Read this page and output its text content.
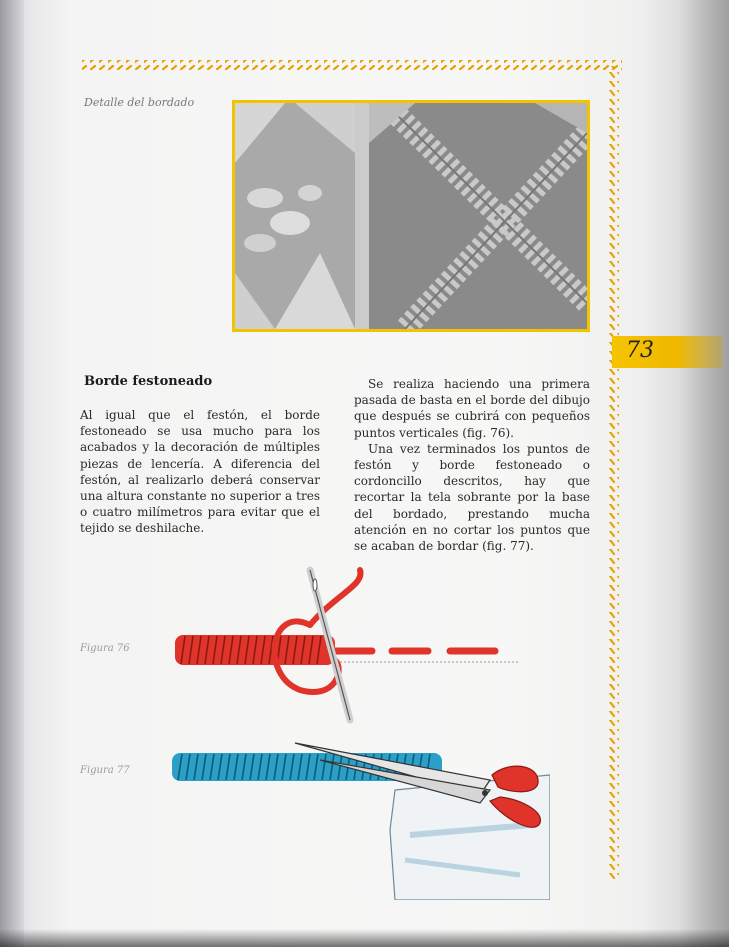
Detalle del bordado
73
Borde festoneado

Al igual que el festón, el borde festoneado se usa mucho para los acabados y la decoración de múltiples piezas de lencería. A diferencia del festón, al realizarlo deberá conservar una altura constante no superior a tres o cuatro milímetros para evitar que el tejido se deshilache.

Se realiza haciendo una primera pasada de basta en el borde del dibujo que después se cubrirá con pequeños puntos verticales (fig. 76).

Una vez terminados los puntos de festón y borde festoneado o cordoncillo descritos, hay que recortar la tela sobrante por la base del bordado, prestando mucha atención en no cortar los puntos que se acaban de bordar (fig. 77).

Figura 76
Figura 77
